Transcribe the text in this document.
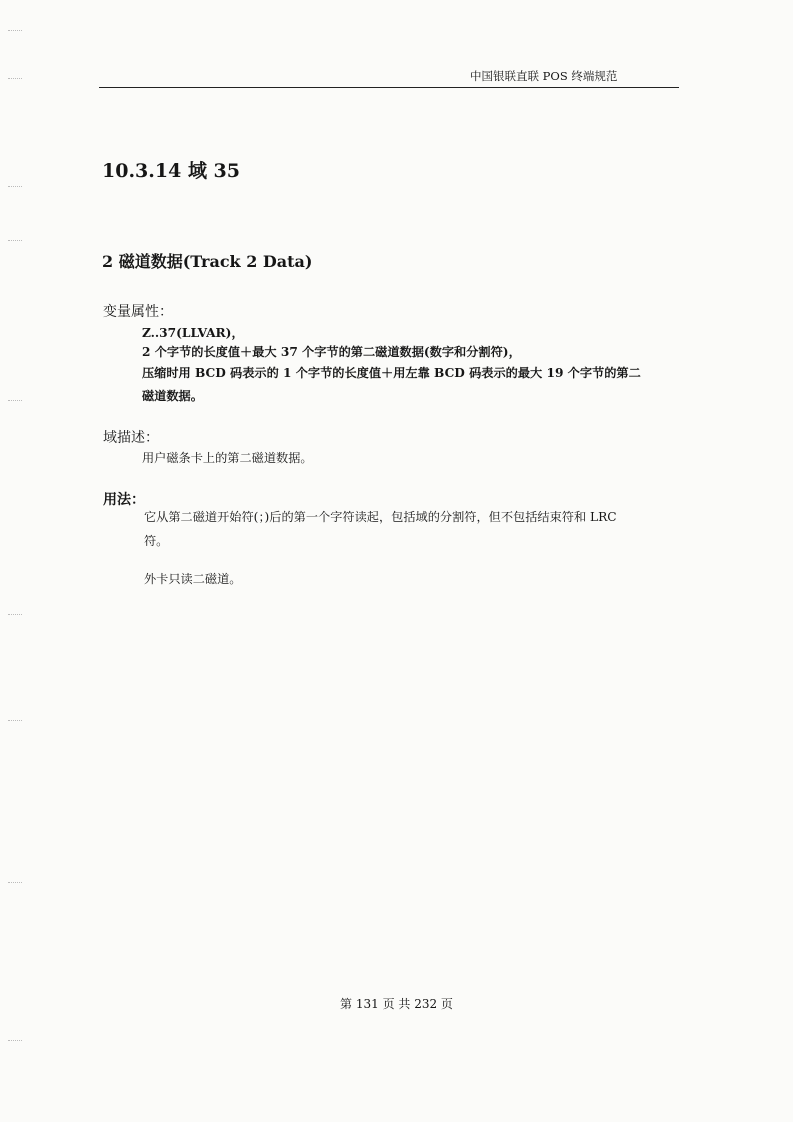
中国银联直联 POS 终端规范
10.3.14 域 35
2 磁道数据(Track 2 Data)

变量属性：

Z..37(LLVAR)，

2 个字节的长度值＋最大 37 个字节的第二磁道数据(数字和分割符)，

压缩时用 BCD 码表示的 1 个字节的长度值＋用左靠 BCD 码表示的最大 19 个字节的第二

磁道数据。

域描述：

用户磁条卡上的第二磁道数据。

用法：

它从第二磁道开始符(；)后的第一个字符读起，包括域的分割符，但不包括结束符和 LRC

符。

外卡只读二磁道。

第 131 页 共 232 页
